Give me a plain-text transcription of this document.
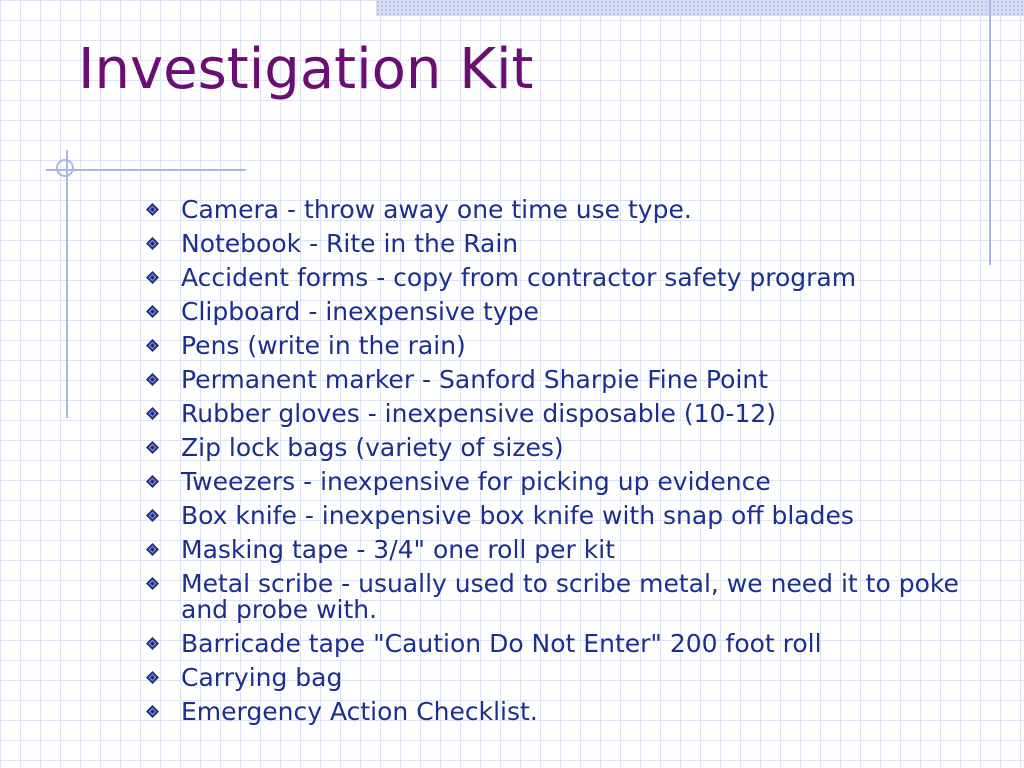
Investigation Kit
Camera - throw away one time use type.
Notebook - Rite in the Rain
Accident forms - copy from contractor safety program
Clipboard - inexpensive type
Pens (write in the rain)
Permanent marker - Sanford Sharpie Fine Point
Rubber gloves - inexpensive disposable (10-12)
Zip lock bags (variety of sizes)
Tweezers - inexpensive for picking up evidence
Box knife - inexpensive box knife with snap off blades
Masking tape - 3/4" one roll per kit
Metal scribe - usually used to scribe metal, we need it to poke and probe with.
Barricade tape "Caution Do Not Enter" 200 foot roll
Carrying bag
Emergency Action Checklist.
